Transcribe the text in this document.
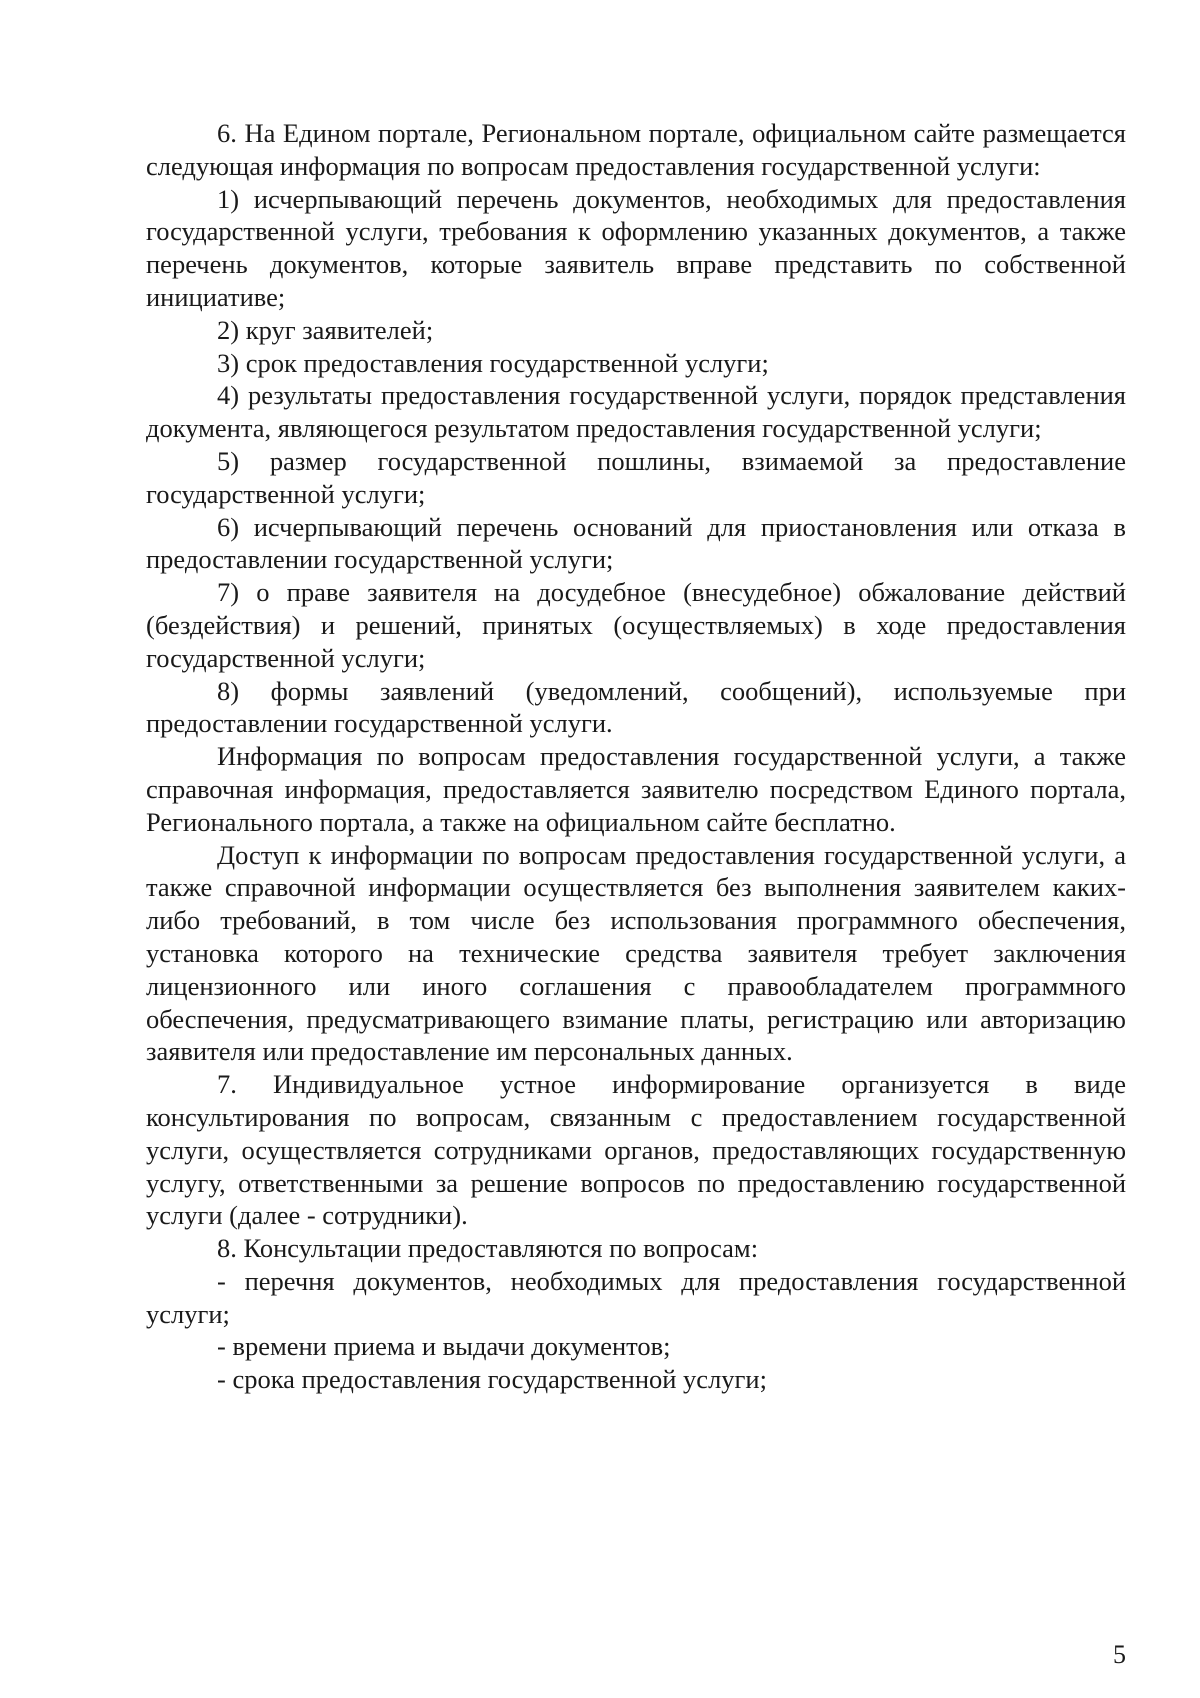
6. На Едином портале, Региональном портале, официальном сайте размещается следующая информация по вопросам предоставления государственной услуги:

1) исчерпывающий перечень документов, необходимых для предоставления государственной услуги, требования к оформлению указанных документов, а также перечень документов, которые заявитель вправе представить по собственной инициативе;

2) круг заявителей;

3) срок предоставления государственной услуги;

4) результаты предоставления государственной услуги, порядок представления документа, являющегося результатом предоставления государственной услуги;

5) размер государственной пошлины, взимаемой за предоставление государственной услуги;

6) исчерпывающий перечень оснований для приостановления или отказа в предоставлении государственной услуги;

7) о праве заявителя на досудебное (внесудебное) обжалование действий (бездействия) и решений, принятых (осуществляемых) в ходе предоставления государственной услуги;

8) формы заявлений (уведомлений, сообщений), используемые при предоставлении государственной услуги.

Информация по вопросам предоставления государственной услуги, а также справочная информация, предоставляется заявителю посредством Единого портала, Регионального портала, а также на официальном сайте бесплатно.

Доступ к информации по вопросам предоставления государственной услуги, а также справочной информации осуществляется без выполнения заявителем каких-либо требований, в том числе без использования программного обеспечения, установка которого на технические средства заявителя требует заключения лицензионного или иного соглашения с правообладателем программного обеспечения, предусматривающего взимание платы, регистрацию или авторизацию заявителя или предоставление им персональных данных.

7. Индивидуальное устное информирование организуется в виде консультирования по вопросам, связанным с предоставлением государственной услуги, осуществляется сотрудниками органов, предоставляющих государственную услугу, ответственными за решение вопросов по предоставлению государственной услуги (далее - сотрудники).

8. Консультации предоставляются по вопросам:

- перечня документов, необходимых для предоставления государственной услуги;

- времени приема и выдачи документов;

- срока предоставления государственной услуги;

5
